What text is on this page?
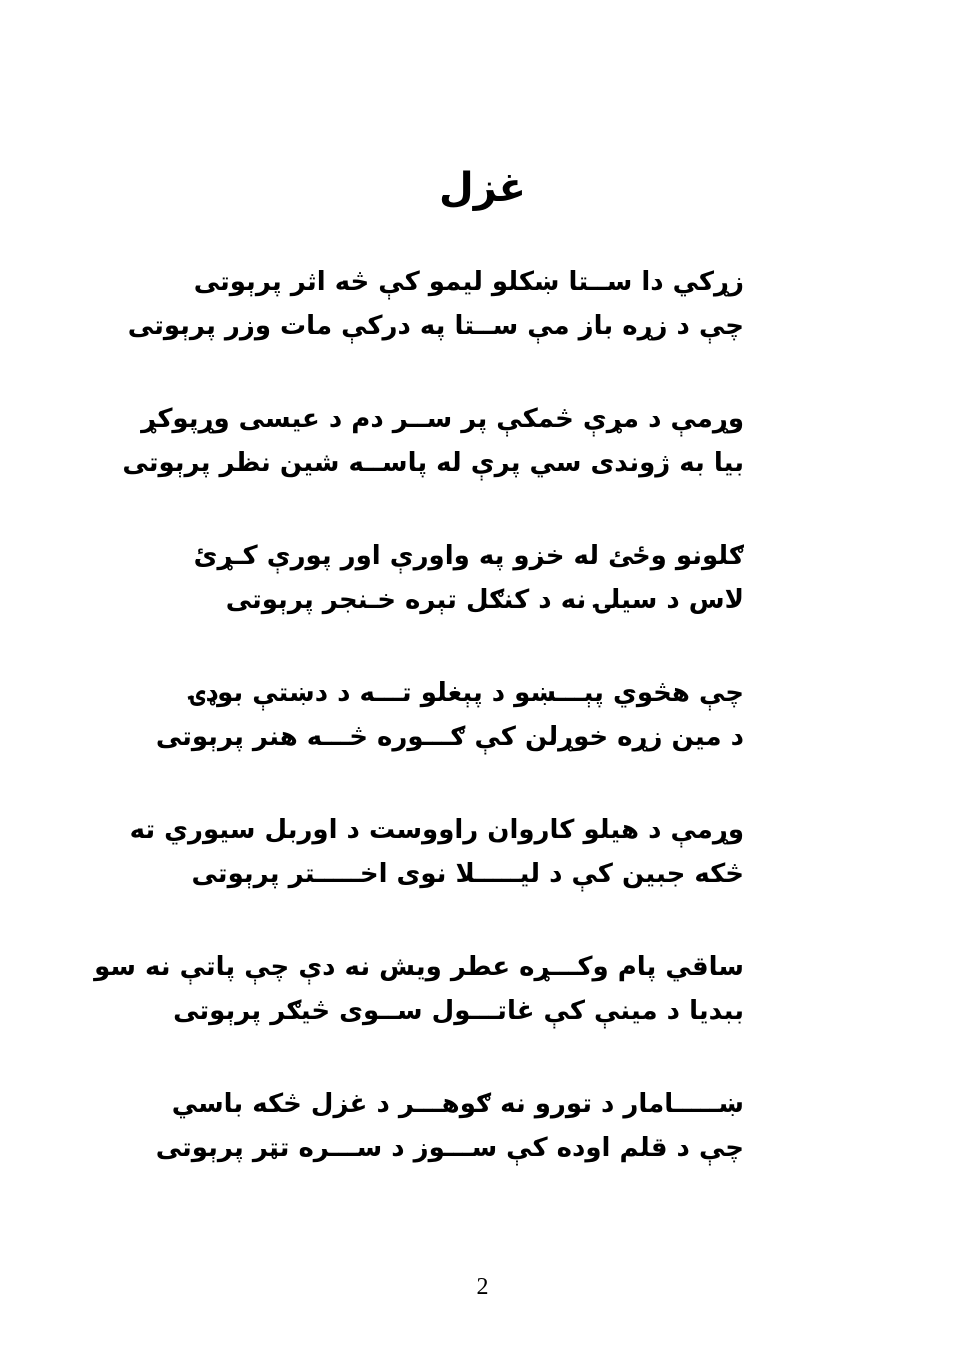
غزل
زړکي دا ســتا ښکلو ليمو کې څه اثر پرېوتی
چې د زړه باز مې ســتا په درکې مات وزر پرېوتی
وړمې د مړې څمکې پر ســر دم د عيسی وړپوکړ
بيا به ژوندی سي پرې له پاســه شين نظر پرېوتی
ګلونو وځئ له خزو په واورې اور پورې کـړئ
لاس د سيلۍ نه د کنګل تېره خـنجر پرېوتی
چې هڅوي پېـــښو د پېغلو تـــه د دښتې بوډۍ
د مين زړه خوړلن کې ګـــوره څـــه هنر پرېوتی
وړمې د هيلو کاروان راووست د اوربل سيوري ته
څکه جبين کې د ليـــــلا نوی اخـــــتر پرېوتی
ساقي پام وکـــړه عطر ويش نه دې چې پاتې نه سو
ببديا د مينې کې غاتـــول ســوی څيګر پرېوتی
ښـــــامار د تورو نه ګوهـــر د غزل څکه باسي
چې د قلم اوده کې ســـوز د ســـره تټر پرېوتی
2
